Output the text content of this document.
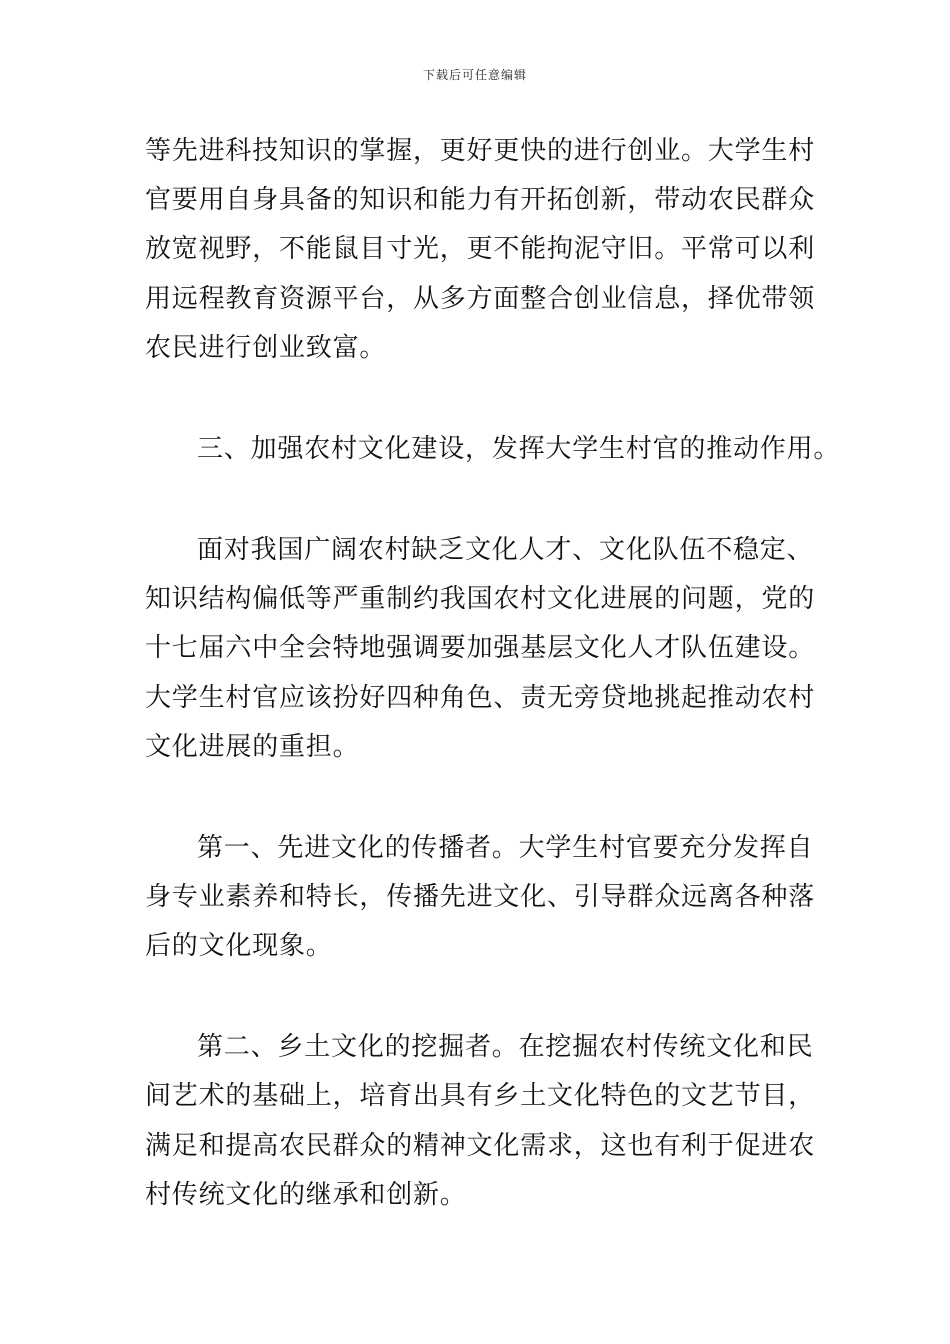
下载后可任意编辑
等先进科技知识的掌握，更好更快的进行创业。大学生村
官要用自身具备的知识和能力有开拓创新，带动农民群众
放宽视野，不能鼠目寸光，更不能拘泥守旧。平常可以利
用远程教育资源平台，从多方面整合创业信息，择优带领
农民进行创业致富。
三、加强农村文化建设，发挥大学生村官的推动作用。
面对我国广阔农村缺乏文化人才、文化队伍不稳定、
知识结构偏低等严重制约我国农村文化进展的问题，党的
十七届六中全会特地强调要加强基层文化人才队伍建设。
大学生村官应该扮好四种角色、责无旁贷地挑起推动农村
文化进展的重担。
第一、先进文化的传播者。大学生村官要充分发挥自
身专业素养和特长，传播先进文化、引导群众远离各种落
后的文化现象。
第二、乡土文化的挖掘者。在挖掘农村传统文化和民
间艺术的基础上，培育出具有乡土文化特色的文艺节目，
满足和提高农民群众的精神文化需求，这也有利于促进农
村传统文化的继承和创新。
